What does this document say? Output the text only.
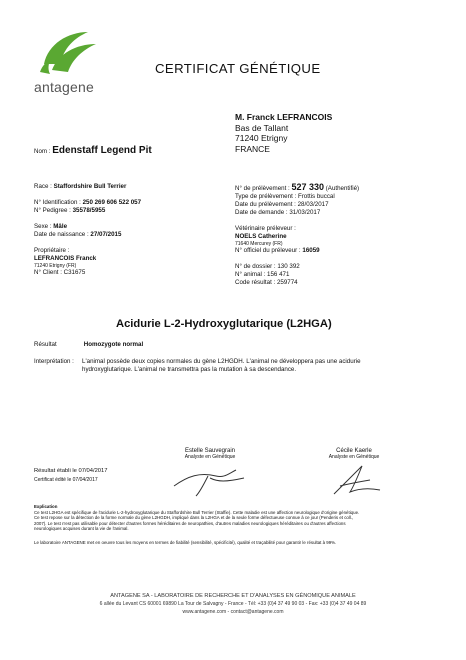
antagene
CERTIFICAT GÉNÉTIQUE
M. Franck LEFRANCOIS
Bas de Tallant
71240 Etrigny
FRANCE
Nom : Edenstaff Legend Pit
Race : Staffordshire Bull Terrier
N° Identification : 250 269 606 522 057
N° Pedigree : 35578/5955
Sexe : Mâle
Date de naissance : 27/07/2015
Propriétaire :
LEFRANCOIS Franck
71240 Etrigny (FR)
N° Client : C31675
N° de prélèvement : 527 330 (Authentifié)
Type de prélèvement : Frottis buccal
Date du prélèvement : 28/03/2017
Date de demande : 31/03/2017
Vétérinaire préleveur :
NOELS Catherine
71640 Mercurey (FR)
N° officiel du préleveur : 16059
N° de dossier : 130 392
N° animal : 156 471
Code résultat : 259774
Acidurie L-2-Hydroxyglutarique (L2HGA)
Résultat	Homozygote normal
Interprétation : L'animal possède deux copies normales du gène L2HGDH. L'animal ne développera pas une acidurie
hydroxyglutarique. L'animal ne transmettra pas la mutation à sa descendance.
Estelle Sauvegrain
Analyste en Génétique
Cécile Kaerle
Analyste en Génétique
Résultat établi le 07/04/2017
Certificat édité le 07/04/2017
Explication
Ce test L2HGA est spécifique de l'acidurie L-2-hydroxyglutarique du Staffordshire Bull Terrier (Staffie). Cette maladie est une affection neurologique d'origine génétique.
Ce test repose sur la détection de la forme normale du gène L2HGDH, impliqué dans la L2HGA et de la seule forme défectueuse connue à ce jour (Penderis et coll.,
2007). Le test n'est pas utilisable pour détecter d'autres formes héréditaires de neuropathies, d'autres maladies neurologiques héréditaires ou d'autres affections
neurologiques acquises durant la vie de l'animal.
Le laboratoire ANTAGENE met en oeuvre tous les moyens en termes de fiabilité (sensibilité, spécificité), qualité et traçabilité pour garantir le résultat à 99%.
ANTAGENE SA - LABORATOIRE DE RECHERCHE ET D'ANALYSES EN GÉNOMIQUE ANIMALE
6 allée du Levant CS 60001 69890 La Tour de Salvagny - France - Tél: +33 (0)4 37 49 90 03 - Fax: +33 (0)4 37 49 04 89
www.antagene.com - contact@antagene.com
